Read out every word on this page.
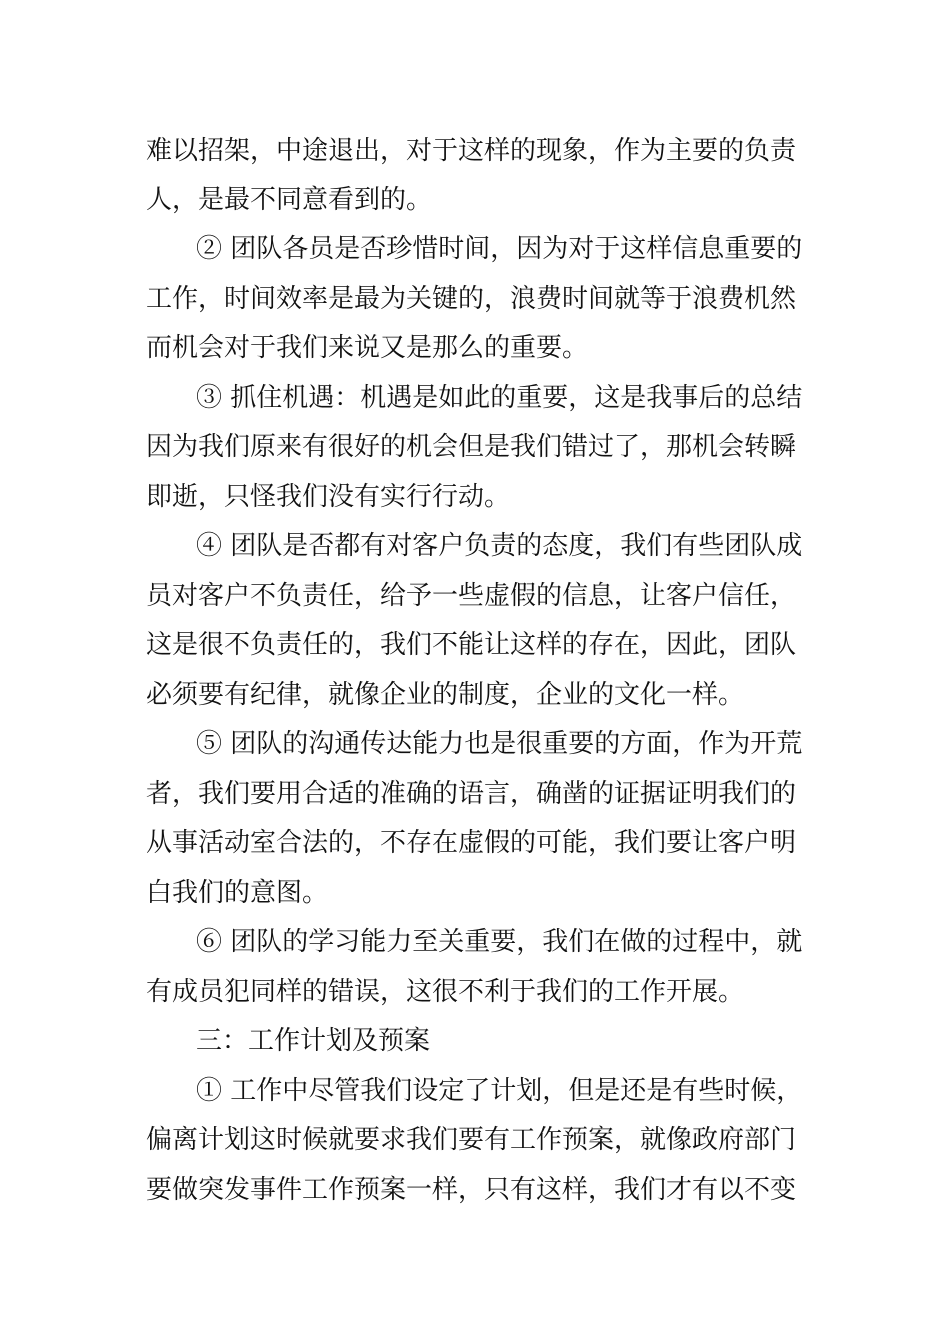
难以招架，中途退出，对于这样的现象，作为主要的负责
人，是最不同意看到的。
② 团队各员是否珍惜时间，因为对于这样信息重要的
工作，时间效率是最为关键的，浪费时间就等于浪费机然
而机会对于我们来说又是那么的重要。
③ 抓住机遇：机遇是如此的重要，这是我事后的总结
因为我们原来有很好的机会但是我们错过了，那机会转瞬
即逝，只怪我们没有实行行动。
④ 团队是否都有对客户负责的态度，我们有些团队成
员对客户不负责任，给予一些虚假的信息，让客户信任，
这是很不负责任的，我们不能让这样的存在，因此，团队
必须要有纪律，就像企业的制度，企业的文化一样。
⑤ 团队的沟通传达能力也是很重要的方面，作为开荒
者，我们要用合适的准确的语言，确凿的证据证明我们的
从事活动室合法的，不存在虚假的可能，我们要让客户明
白我们的意图。
⑥ 团队的学习能力至关重要，我们在做的过程中，就
有成员犯同样的错误，这很不利于我们的工作开展。
三：工作计划及预案
① 工作中尽管我们设定了计划，但是还是有些时候，
偏离计划这时候就要求我们要有工作预案，就像政府部门
要做突发事件工作预案一样，只有这样，我们才有以不变
